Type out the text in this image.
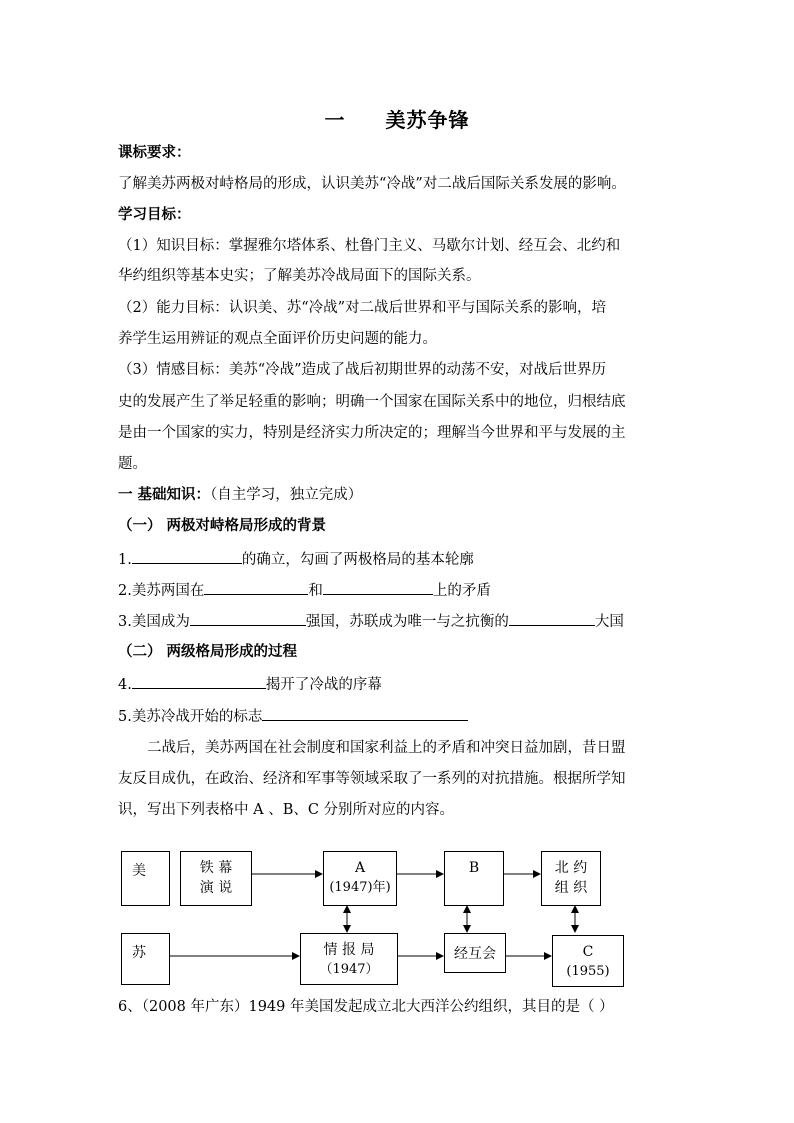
一 美苏争锋
课标要求：
了解美苏两极对峙格局的形成，认识美苏“冷战”对二战后国际关系发展的影响。
学习目标：
（1）知识目标：掌握雅尔塔体系、杜鲁门主义、马歇尔计划、经互会、北约和
华约组织等基本史实；了解美苏冷战局面下的国际关系。
（2）能力目标：认识美、苏“冷战”对二战后世界和平与国际关系的影响，培
养学生运用辨证的观点全面评价历史问题的能力。
（3）情感目标：美苏“冷战”造成了战后初期世界的动荡不安，对战后世界历
史的发展产生了举足轻重的影响；明确一个国家在国际关系中的地位，归根结底
是由一个国家的实力，特别是经济实力所决定的；理解当今世界和平与发展的主
题。
一 基础知识：（自主学习，独立完成）
（一） 两极对峙格局形成的背景
1.	的确立，勾画了两极格局的基本轮廓
2.美苏两国在	和	上的矛盾
3.美国成为	强国，苏联成为唯一与之抗衡的	大国
（二） 两级格局形成的过程
4.	揭开了冷战的序幕
5.美苏冷战开始的标志
二战后，美苏两国在社会制度和国家利益上的矛盾和冲突日益加剧，昔日盟
友反目成仇，在政治、经济和军事等领域采取了一系列的对抗措施。根据所学知
识，写出下列表格中 A 、B、C 分别所对应的内容。
美	铁 幕
演 说
A
(1947)年)
B	北 约
组 织
苏	情 报 局
（1947）
经互会	C
(1955)
6、（2008 年广东）1949 年美国发起成立北大西洋公约组织，其目的是（ ）
